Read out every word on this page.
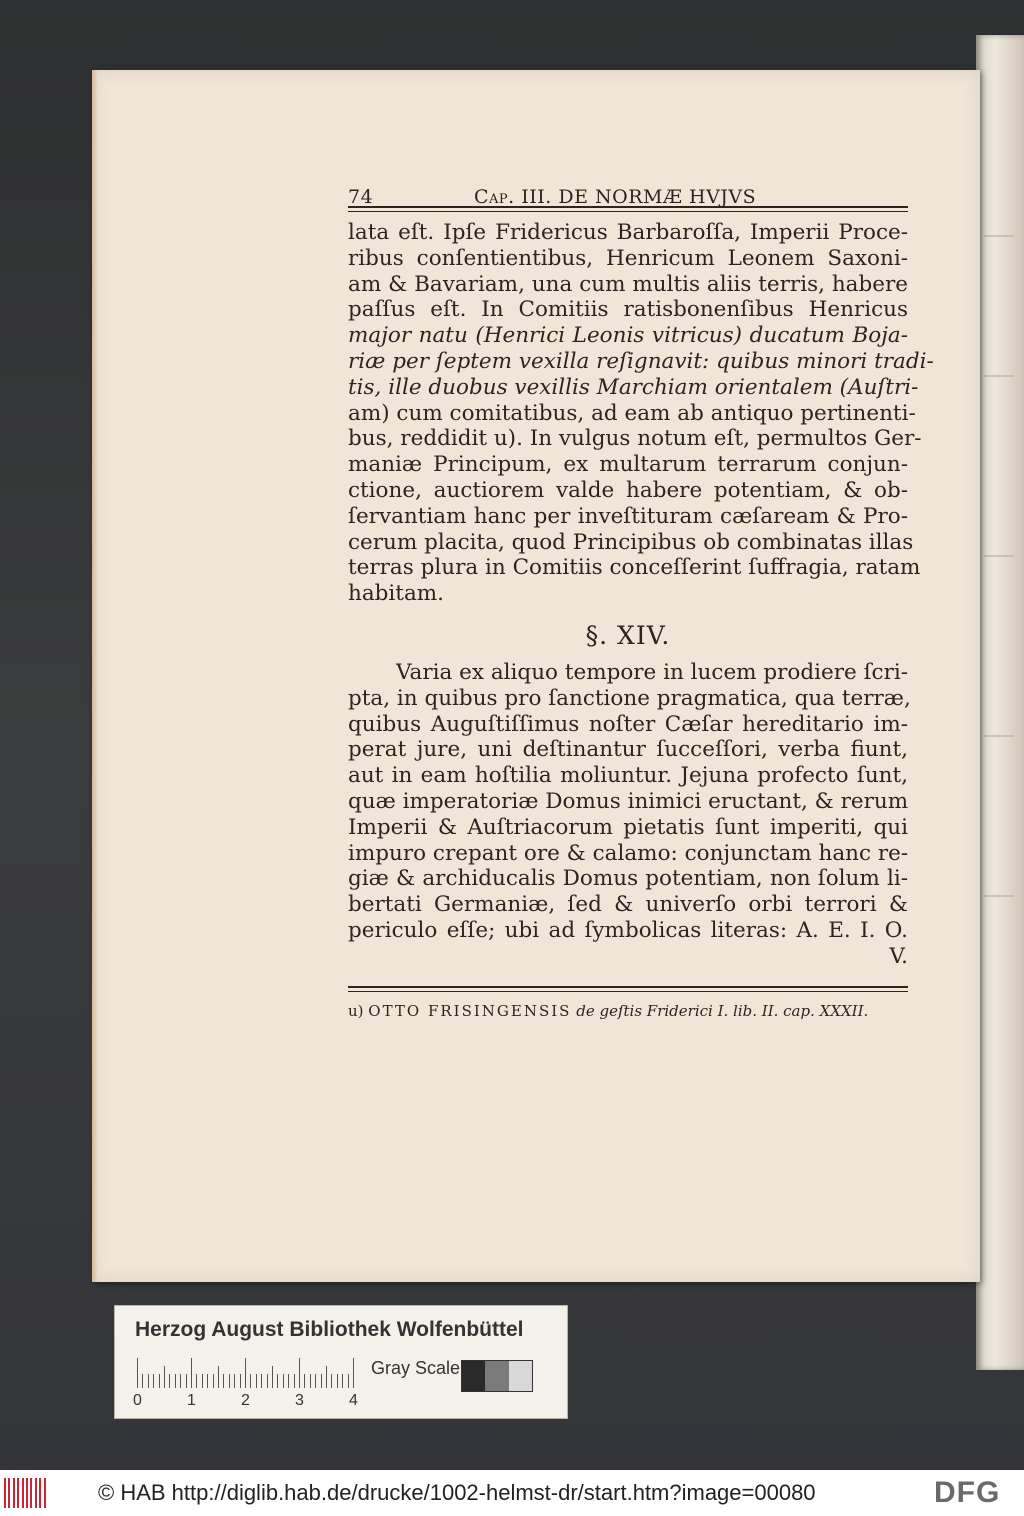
74	Cap. III. DE NORMÆ HVJVS
lata eſt. Ipſe Fridericus Barbaroſſa, Imperii Proce-
ribus conſentientibus, Henricum Leonem Saxoni-
am & Bavariam, una cum multis aliis terris, habere
paſſus eſt. In Comitiis ratisbonenſibus Henricus
major natu (Henrici Leonis vitricus) ducatum Boja-
riæ per ſeptem vexilla reſignavit: quibus minori tradi-
tis, ille duobus vexillis Marchiam orientalem (Auſtri-
am) cum comitatibus, ad eam ab antiquo pertinenti-
bus, reddidit u). In vulgus notum eſt, permultos Ger-
maniæ Principum, ex multarum terrarum conjun-
ctione, auctiorem valde habere potentiam, & ob-
ſervantiam hanc per inveſtituram cæſaream & Pro-
cerum placita, quod Principibus ob combinatas illas
terras plura in Comitiis conceſſerint ſuffragia, ratam
habitam.
§. XIV.
Varia ex aliquo tempore in lucem prodiere ſcri-
pta, in quibus pro ſanctione pragmatica, qua terræ,
quibus Auguſtiſſimus noſter Cæſar hereditario im-
perat jure, uni deſtinantur ſucceſſori, verba fiunt,
aut in eam hoſtilia moliuntur. Jejuna profecto ſunt,
quæ imperatoriæ Domus inimici eructant, & rerum
Imperii & Auſtriacorum pietatis ſunt imperiti, qui
impuro crepant ore & calamo: conjunctam hanc re-
giæ & archiducalis Domus potentiam, non ſolum li-
bertati Germaniæ, ſed & univerſo orbi terrori &
periculo eſſe; ubi ad ſymbolicas literas: A. E. I. O.
V.
u) OTTO FRISINGENSIS de geſtis Friderici I. lib. II. cap. XXXII.
Herzog August Bibliothek Wolfenbüttel
0	1	2	3	4
Gray Scale
© HAB http://diglib.hab.de/drucke/1002-helmst-dr/start.htm?image=00080	DFG
